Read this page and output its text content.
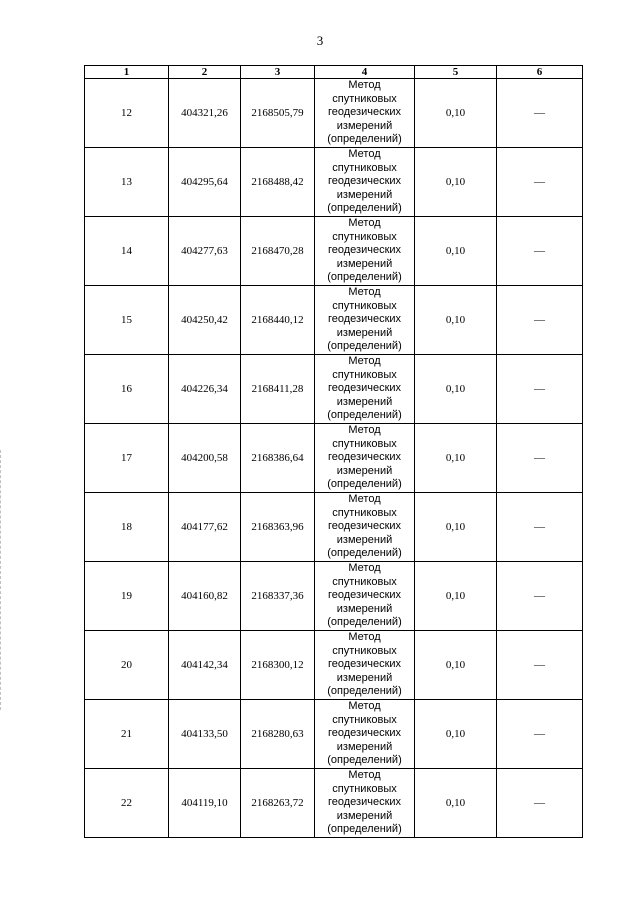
3
1	2	3	4	5	6
12	404321,26	2168505,79	Метод
спутниковых
геодезических
измерений
(определений)	0,10	—
13	404295,64	2168488,42	Метод
спутниковых
геодезических
измерений
(определений)	0,10	—
14	404277,63	2168470,28	Метод
спутниковых
геодезических
измерений
(определений)	0,10	—
15	404250,42	2168440,12	Метод
спутниковых
геодезических
измерений
(определений)	0,10	—
16	404226,34	2168411,28	Метод
спутниковых
геодезических
измерений
(определений)	0,10	—
17	404200,58	2168386,64	Метод
спутниковых
геодезических
измерений
(определений)	0,10	—
18	404177,62	2168363,96	Метод
спутниковых
геодезических
измерений
(определений)	0,10	—
19	404160,82	2168337,36	Метод
спутниковых
геодезических
измерений
(определений)	0,10	—
20	404142,34	2168300,12	Метод
спутниковых
геодезических
измерений
(определений)	0,10	—
21	404133,50	2168280,63	Метод
спутниковых
геодезических
измерений
(определений)	0,10	—
22	404119,10	2168263,72	Метод
спутниковых
геодезических
измерений
(определений)	0,10	—
